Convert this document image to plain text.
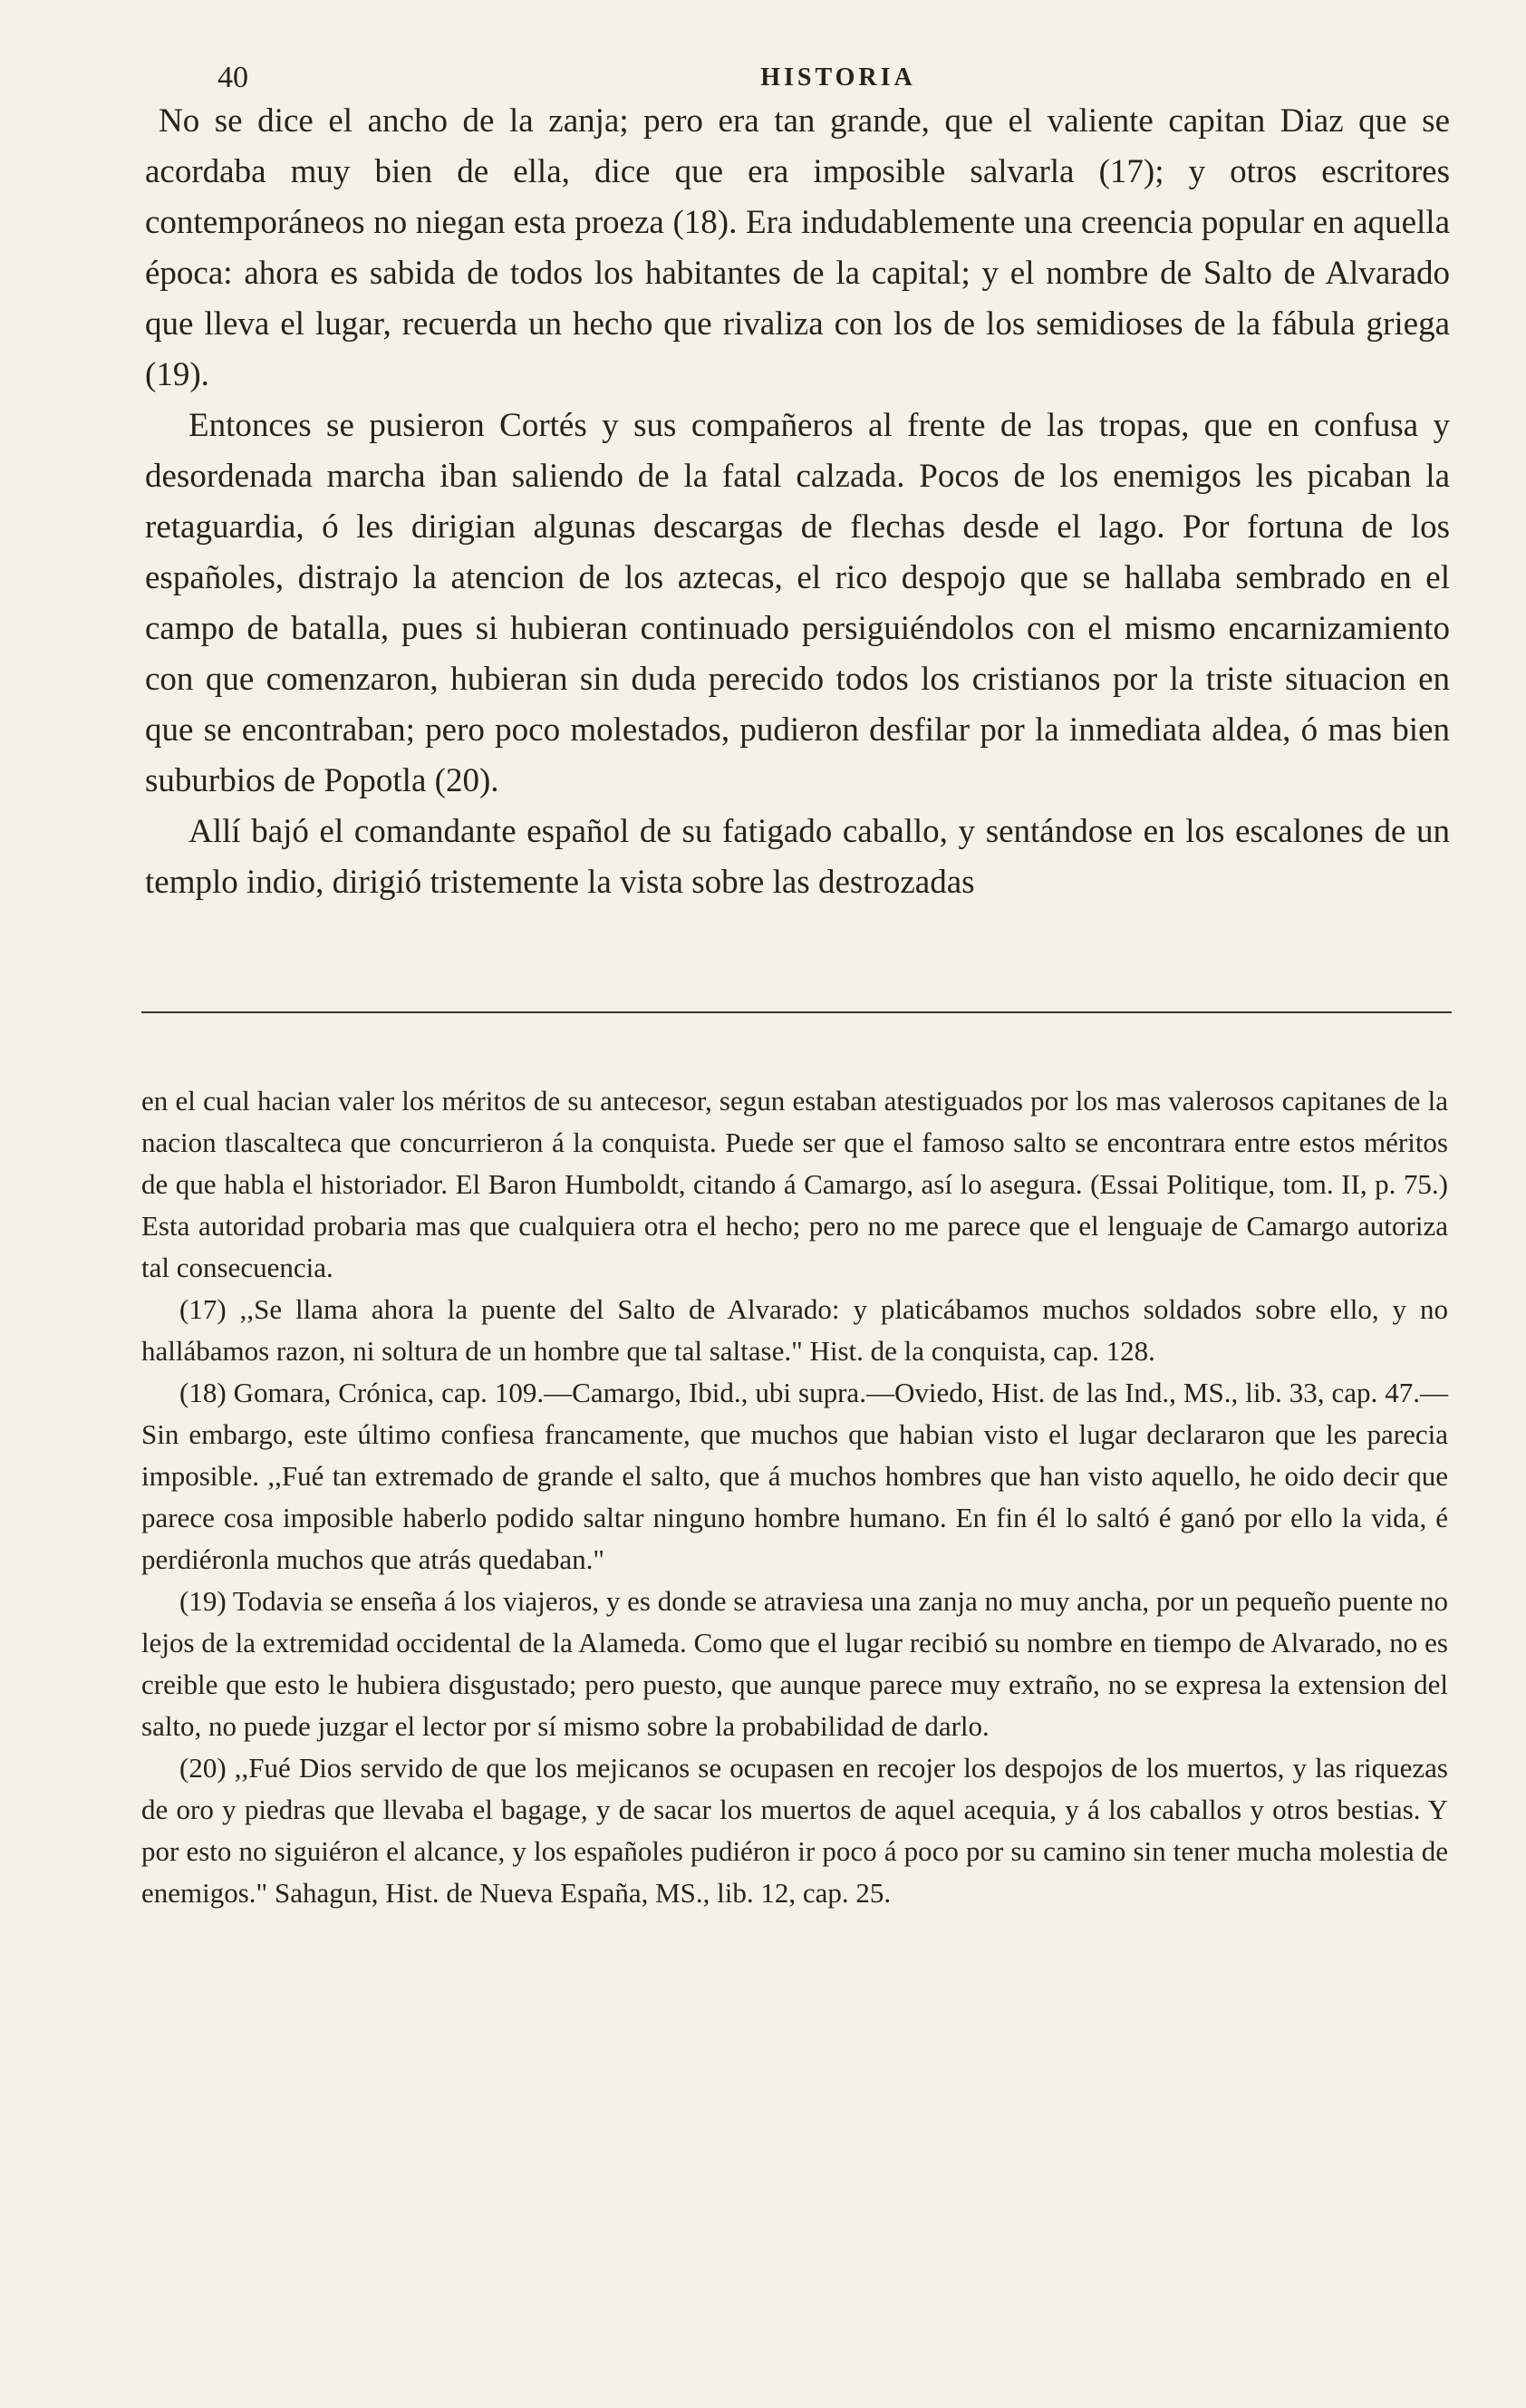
40	HISTORIA

No se dice el ancho de la zanja; pero era tan grande, que el valiente capitan Diaz que se acordaba muy bien de ella, dice que era imposible salvarla (17); y otros escritores contemporáneos no niegan esta proeza (18). Era indudablemente una creencia popular en aquella época: ahora es sabida de todos los habitantes de la capital; y el nombre de Salto de Alvarado que lleva el lugar, recuerda un hecho que rivaliza con los de los semidioses de la fábula griega (19).

Entonces se pusieron Cortés y sus compañeros al frente de las tropas, que en confusa y desordenada marcha iban saliendo de la fatal calzada. Pocos de los enemigos les picaban la retaguardia, ó les dirigian algunas descargas de flechas desde el lago. Por fortuna de los españoles, distrajo la atencion de los aztecas, el rico despojo que se hallaba sembrado en el campo de batalla, pues si hubieran continuado persiguiéndolos con el mismo encarnizamiento con que comenzaron, hubieran sin duda perecido todos los cristianos por la triste situacion en que se encontraban; pero poco molestados, pudieron desfilar por la inmediata aldea, ó mas bien suburbios de Popotla (20).

Allí bajó el comandante español de su fatigado caballo, y sentándose en los escalones de un templo indio, dirigió tristemente la vista sobre las destrozadas

en el cual hacian valer los méritos de su antecesor, segun estaban atestiguados por los mas valerosos capitanes de la nacion tlascalteca que concurrieron á la conquista. Puede ser que el famoso salto se encontrara entre estos méritos de que habla el historiador. El Baron Humboldt, citando á Camargo, así lo asegura. (Essai Politique, tom. II, p. 75.) Esta autoridad probaria mas que cualquiera otra el hecho; pero no me parece que el lenguaje de Camargo autoriza tal consecuencia.

(17) ,,Se llama ahora la puente del Salto de Alvarado: y platicábamos muchos soldados sobre ello, y no hallábamos razon, ni soltura de un hombre que tal saltase." Hist. de la conquista, cap. 128.

(18) Gomara, Crónica, cap. 109.—Camargo, Ibid., ubi supra.—Oviedo, Hist. de las Ind., MS., lib. 33, cap. 47.—Sin embargo, este último confiesa francamente, que muchos que habian visto el lugar declararon que les parecia imposible. ,,Fué tan extremado de grande el salto, que á muchos hombres que han visto aquello, he oido decir que parece cosa imposible haberlo podido saltar ninguno hombre humano. En fin él lo saltó é ganó por ello la vida, é perdiéronla muchos que atrás quedaban."

(19) Todavia se enseña á los viajeros, y es donde se atraviesa una zanja no muy ancha, por un pequeño puente no lejos de la extremidad occidental de la Alameda. Como que el lugar recibió su nombre en tiempo de Alvarado, no es creible que esto le hubiera disgustado; pero puesto, que aunque parece muy extraño, no se expresa la extension del salto, no puede juzgar el lector por sí mismo sobre la probabilidad de darlo.

(20) ,,Fué Dios servido de que los mejicanos se ocupasen en recojer los despojos de los muertos, y las riquezas de oro y piedras que llevaba el bagage, y de sacar los muertos de aquel acequia, y á los caballos y otros bestias. Y por esto no siguiéron el alcance, y los españoles pudiéron ir poco á poco por su camino sin tener mucha molestia de enemigos." Sahagun, Hist. de Nueva España, MS., lib. 12, cap. 25.
